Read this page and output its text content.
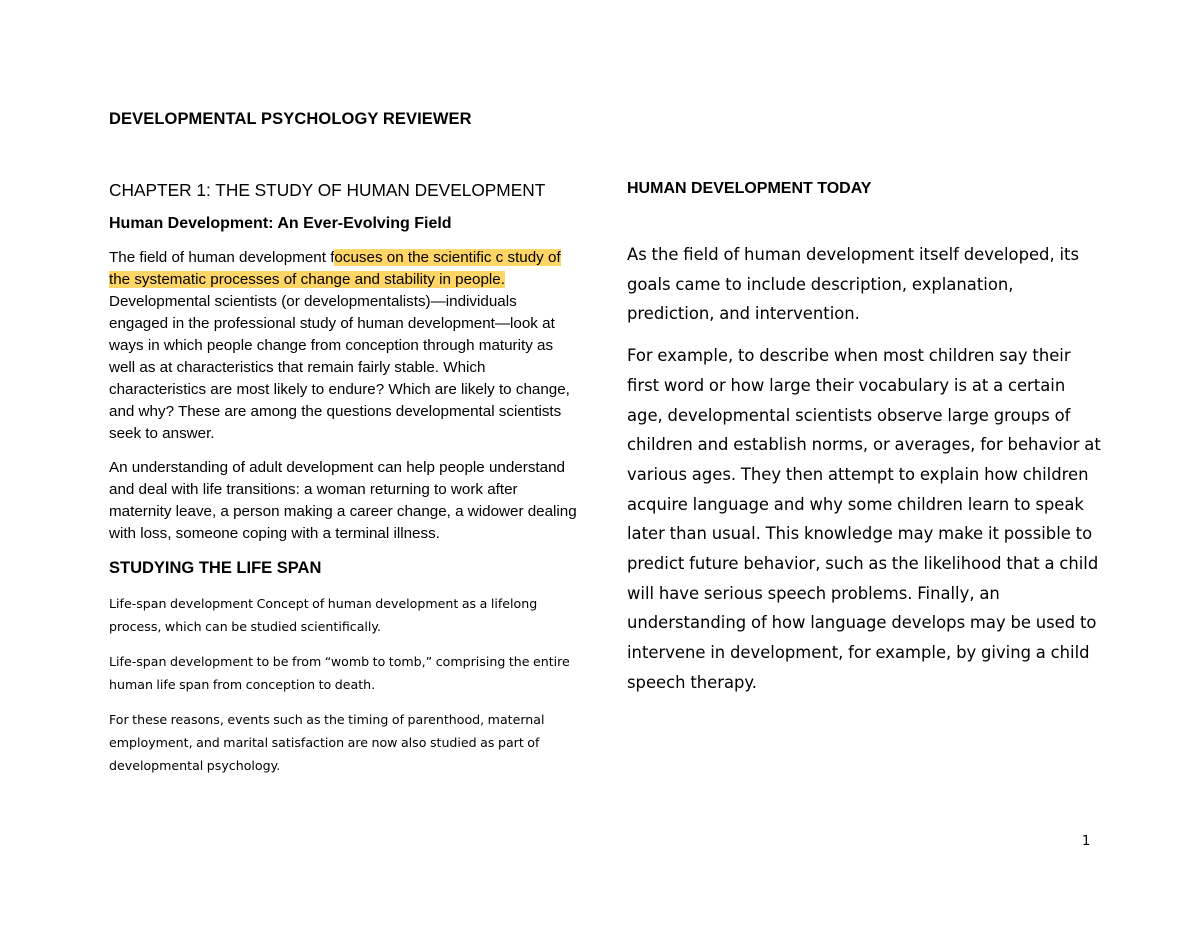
DEVELOPMENTAL PSYCHOLOGY REVIEWER
CHAPTER 1: THE STUDY OF HUMAN DEVELOPMENT
Human Development: An Ever-Evolving Field

The field of human development focuses on the scientific c study of the systematic processes of change and stability in people. Developmental scientists (or developmentalists)—individuals engaged in the professional study of human development—look at ways in which people change from conception through maturity as well as at characteristics that remain fairly stable. Which characteristics are most likely to endure? Which are likely to change, and why? These are among the questions developmental scientists seek to answer.

An understanding of adult development can help people understand and deal with life transitions: a woman returning to work after maternity leave, a person making a career change, a widower dealing with loss, someone coping with a terminal illness.

STUDYING THE LIFE SPAN

Life-span development Concept of human development as a lifelong process, which can be studied scientifically.

Life-span development to be from “womb to tomb,” comprising the entire human life span from conception to death.

For these reasons, events such as the timing of parenthood, maternal employment, and marital satisfaction are now also studied as part of developmental psychology.

HUMAN DEVELOPMENT TODAY

As the field of human development itself developed, its goals came to include description, explanation, prediction, and intervention.

For example, to describe when most children say their first word or how large their vocabulary is at a certain age, developmental scientists observe large groups of children and establish norms, or averages, for behavior at various ages. They then attempt to explain how children acquire language and why some children learn to speak later than usual. This knowledge may make it possible to predict future behavior, such as the likelihood that a child will have serious speech problems. Finally, an understanding of how language develops may be used to intervene in development, for example, by giving a child speech therapy.

1
